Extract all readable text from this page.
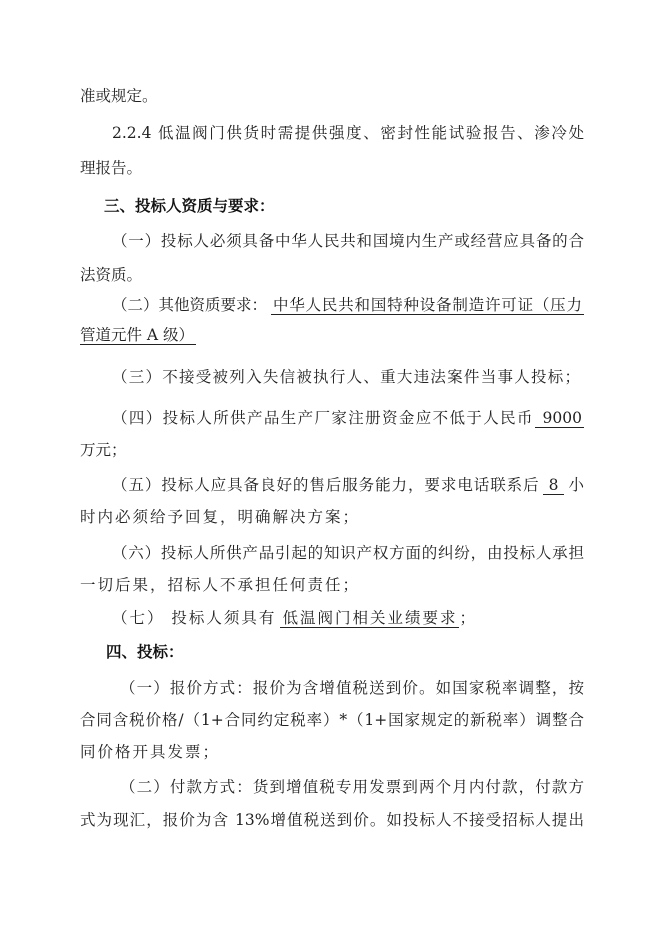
准或规定。
2.2.4 低温阀门供货时需提供强度、密封性能试验报告、渗冷处
理报告。
三、投标人资质与要求：
（一）投标人必须具备中华人民共和国境内生产或经营应具备的合
法资质。
（二）其他资质要求： 中华人民共和国特种设备制造许可证（压力
管道元件 A 级）
（三）不接受被列入失信被执行人、重大违法案件当事人投标；
（四）投标人所供产品生产厂家注册资金应不低于人民币 9000
万元；
（五）投标人应具备良好的售后服务能力，要求电话联系后 8 小
时内必须给予回复，明确解决方案；
（六）投标人所供产品引起的知识产权方面的纠纷，由投标人承担
一切后果，招标人不承担任何责任；
（七） 投标人须具有 低温阀门相关业绩要求 ；
四、投标：
（一）报价方式：报价为含增值税送到价。如国家税率调整，按
合同含税价格/（1+合同约定税率）*（1+国家规定的新税率）调整合
同价格开具发票；
（二）付款方式：货到增值税专用发票到两个月内付款，付款方
式为现汇，报价为含 13%增值税送到价。如投标人不接受招标人提出
